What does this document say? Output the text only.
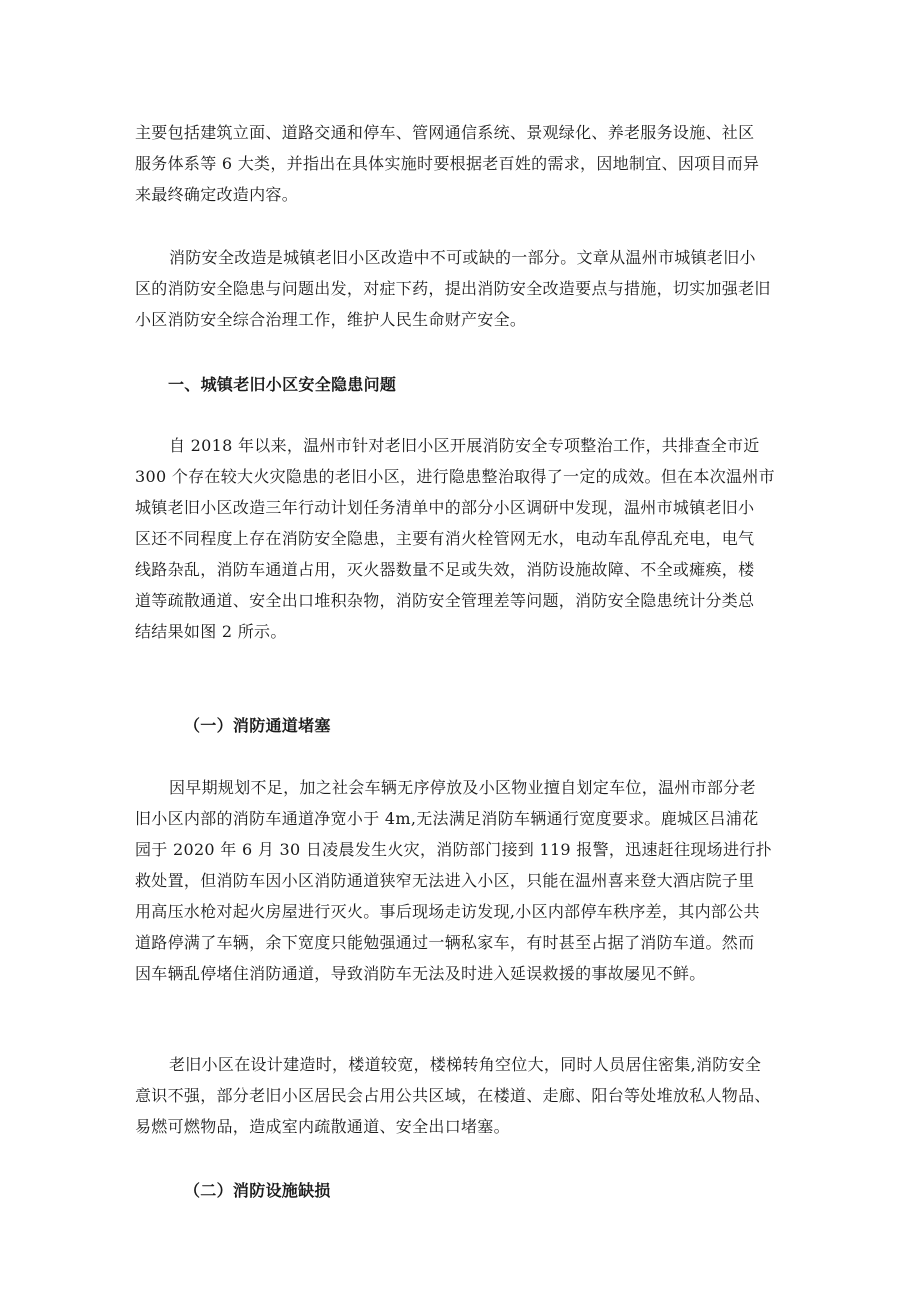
主要包括建筑立面、道路交通和停车、管网通信系统、景观绿化、养老服务设施、社区
服务体系等 6 大类，并指出在具体实施时要根据老百姓的需求，因地制宜、因项目而异
来最终确定改造内容。

消防安全改造是城镇老旧小区改造中不可或缺的一部分。文章从温州市城镇老旧小
区的消防安全隐患与问题出发，对症下药，提出消防安全改造要点与措施，切实加强老旧
小区消防安全综合治理工作，维护人民生命财产安全。

一、城镇老旧小区安全隐患问题

自 2018 年以来，温州市针对老旧小区开展消防安全专项整治工作，共排查全市近
300 个存在较大火灾隐患的老旧小区，进行隐患整治取得了一定的成效。但在本次温州市
城镇老旧小区改造三年行动计划任务清单中的部分小区调研中发现，温州市城镇老旧小
区还不同程度上存在消防安全隐患，主要有消火栓管网无水，电动车乱停乱充电，电气
线路杂乱，消防车通道占用，灭火器数量不足或失效，消防设施故障、不全或瘫痪，楼
道等疏散通道、安全出口堆积杂物，消防安全管理差等问题，消防安全隐患统计分类总
结结果如图 2 所示。

（一）消防通道堵塞

因早期规划不足，加之社会车辆无序停放及小区物业擅自划定车位，温州市部分老
旧小区内部的消防车通道净宽小于 4m,无法满足消防车辆通行宽度要求。鹿城区吕浦花
园于 2020 年 6 月 30 日凌晨发生火灾，消防部门接到 119 报警，迅速赶往现场进行扑
救处置，但消防车因小区消防通道狭窄无法进入小区，只能在温州喜来登大酒店院子里
用高压水枪对起火房屋进行灭火。事后现场走访发现,小区内部停车秩序差，其内部公共
道路停满了车辆，余下宽度只能勉强通过一辆私家车，有时甚至占据了消防车道。然而
因车辆乱停堵住消防通道，导致消防车无法及时进入延误救援的事故屡见不鲜。

老旧小区在设计建造时，楼道较宽，楼梯转角空位大，同时人员居住密集,消防安全
意识不强，部分老旧小区居民会占用公共区域，在楼道、走廊、阳台等处堆放私人物品、
易燃可燃物品，造成室内疏散通道、安全出口堵塞。

（二）消防设施缺损
